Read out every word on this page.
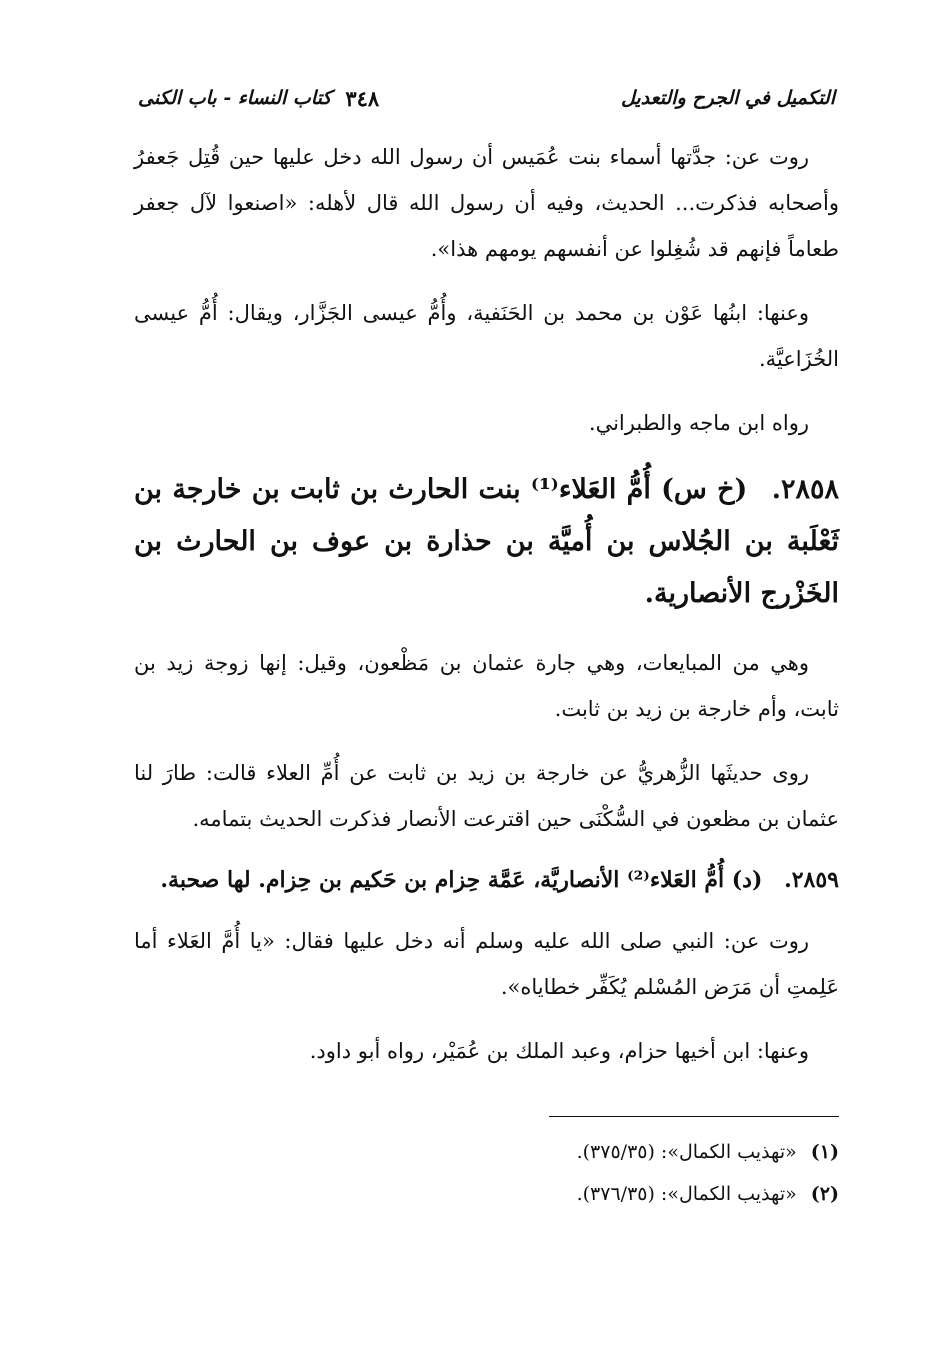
التكميل في الجرح والتعديل
٣٤٨
كتاب النساء - باب الكنى

روت عن: جدَّتها أسماء بنت عُمَيس أن رسول الله دخل عليها حين قُتِل جَعفرُ وأصحابه فذكرت... الحديث، وفيه أن رسول الله قال لأهله: «اصنعوا لآل جعفر طعاماً فإنهم قد شُغِلوا عن أنفسهم يومهم هذا».

وعنها: ابنُها عَوْن بن محمد بن الحَنَفية، وأُمُّ عيسى الجَزَّار، ويقال: أُمُّ عيسى الخُزَاعيَّة.

رواه ابن ماجه والطبراني.

٢٨٥٨. (خ س) أُمُّ العَلاء⁽¹⁾ بنت الحارث بن ثابت بن خارجة بن ثَعْلَبة بن الجُلاس بن أُميَّة بن حذارة بن عوف بن الحارث بن الخَزْرج الأنصارية.

وهي من المبايعات، وهي جارة عثمان بن مَظْعون، وقيل: إنها زوجة زيد بن ثابت، وأم خارجة بن زيد بن ثابت.

روى حديثَها الزُّهريُّ عن خارجة بن زيد بن ثابت عن أُمِّ العلاء قالت: طارَ لنا عثمان بن مظعون في السُّكْنَى حين اقترعت الأنصار فذكرت الحديث بتمامه.

٢٨٥٩. (د) أُمُّ العَلاء⁽²⁾ الأنصاريَّة، عَمَّة حِزام بن حَكيم بن حِزام. لها صحبة.

روت عن: النبي صلى الله عليه وسلم أنه دخل عليها فقال: «يا أُمَّ العَلاء أما عَلِمتِ أن مَرَض المُسْلم يُكَفِّر خطاياه».

وعنها: ابن أخيها حزام، وعبد الملك بن عُمَيْر، رواه أبو داود.

(١) «تهذيب الكمال»: (٣٧٥/٣٥).

(٢) «تهذيب الكمال»: (٣٧٦/٣٥).
